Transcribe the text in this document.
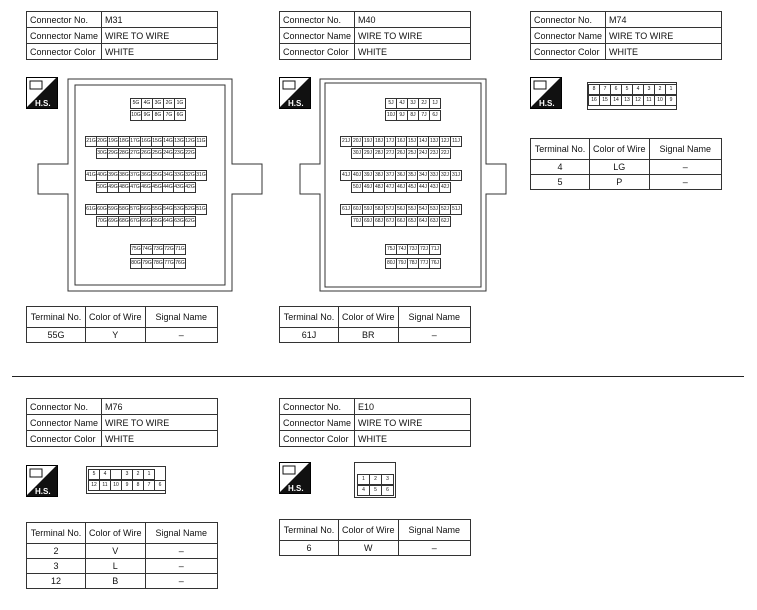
Connector No.	M31
Connector Name	WIRE TO WIRE
Connector Color	WHITE
Connector No.	M40
Connector Name	WIRE TO WIRE
Connector Color	WHITE
Connector No.	M74
Connector Name	WIRE TO WIRE
Connector Color	WHITE
Connector No.	M76
Connector Name	WIRE TO WIRE
Connector Color	WHITE
Connector No.	E10
Connector Name	WIRE TO WIRE
Connector Color	WHITE
H.S.	H.S.	H.S.
H.S.	H.S.
5G 4G 3G 2G 1G
10G 9G 8G 7G 6G
21G 20G 19G 18G 17G 16G 15G 14G 13G 12G 11G
30G 29G 28G 27G 26G 25G 24G 23G 22G
41G 40G 39G 38G 37G 36G 35G 34G 33G 32G 31G
50G 49G 48G 47G 46G 45G 44G 43G 42G
61G 60G 59G 58G 57G 56G 55G 54G 53G 52G 51G
70G 69G 68G 67G 66G 65G 64G 63G 62G
75G 74G 73G 72G 71G
80G 79G 78G 77G 76G
5J	4J	3J	2J	1J
10J 9J	8J	7J	6J
21J 20J 19J 18J 17J 16J 15J 14J 13J 12J 11J
30J 29J 28J 27J 26J 25J 24J 23J 22J
41J 40J 39J 38J 37J 36J 35J 34J 33J 32J 31J
50J 49J 48J 47J 46J 45J 44J 43J 42J
61J 60J 59J 58J 57J 56J 55J 54J 53J 52J 51J
70J 69J 68J 67J 66J 65J 64J 63J 62J
75J 74J 73J 72J 71J
80J 79J 78J 77J 76J
8	7	6	5	4	3	2	1
16	15	14	13	12	11	10	9
5	4	3	2	1
12	11	10	9	8	7	6
1	2	3
4	5	6
Terminal No.	Color of Wire	Signal Name
55G	Y	–
Terminal No.	Color of Wire	Signal Name
61J	BR	–
Terminal No.	Color of Wire	Signal Name
4	LG	–
5	P	–
Terminal No.	Color of Wire	Signal Name
2	V	–
3	L	–
12	B	–
Terminal No.	Color of Wire	Signal Name
6	W	–
